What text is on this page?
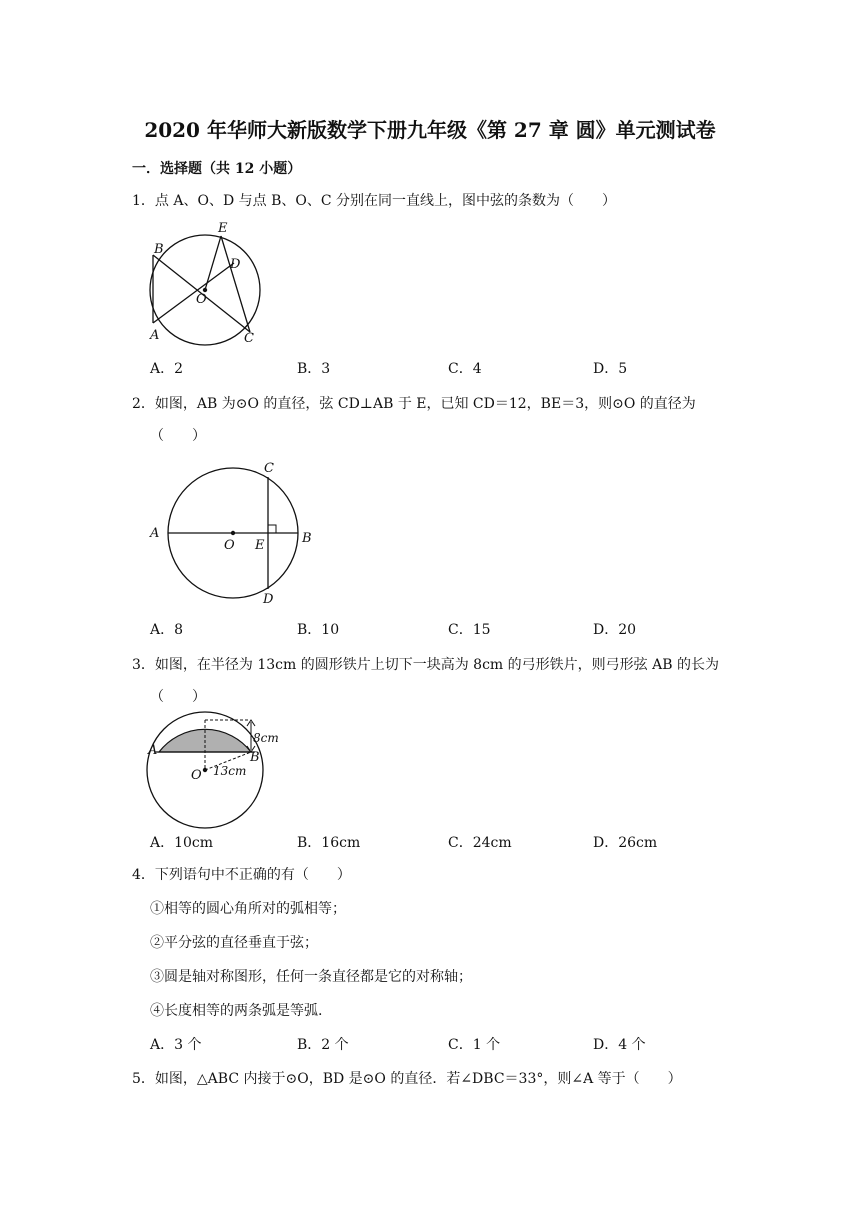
2020 年华师大新版数学下册九年级《第 27 章 圆》单元测试卷
一．选择题（共 12 小题）
1．点 A、O、D 与点 B、O、C 分别在同一直线上，图中弦的条数为（　　）
E
D
B
O
A	C
A．2	B．3	C．4	D．5
2．如图，AB 为⊙O 的直径，弦 CD⊥AB 于 E，已知 CD＝12，BE＝3，则⊙O 的直径为
（　　）
C
A
O E	B
D
A．8	B．10	C．15	D．20
3．如图，在半径为 13cm 的圆形铁片上切下一块高为 8cm 的弓形铁片，则弓形弦 AB 的长为
（　　）
8cm
A	B
13cm
O
A．10cm	B．16cm	C．24cm	D．26cm
4．下列语句中不正确的有（　　）
①相等的圆心角所对的弧相等；
②平分弦的直径垂直于弦；
③圆是轴对称图形，任何一条直径都是它的对称轴；
④长度相等的两条弧是等弧.
A．3 个	B．2 个	C．1 个	D．4 个
5．如图，△ABC 内接于⊙O，BD 是⊙O 的直径．若∠DBC＝33°，则∠A 等于（　　）
